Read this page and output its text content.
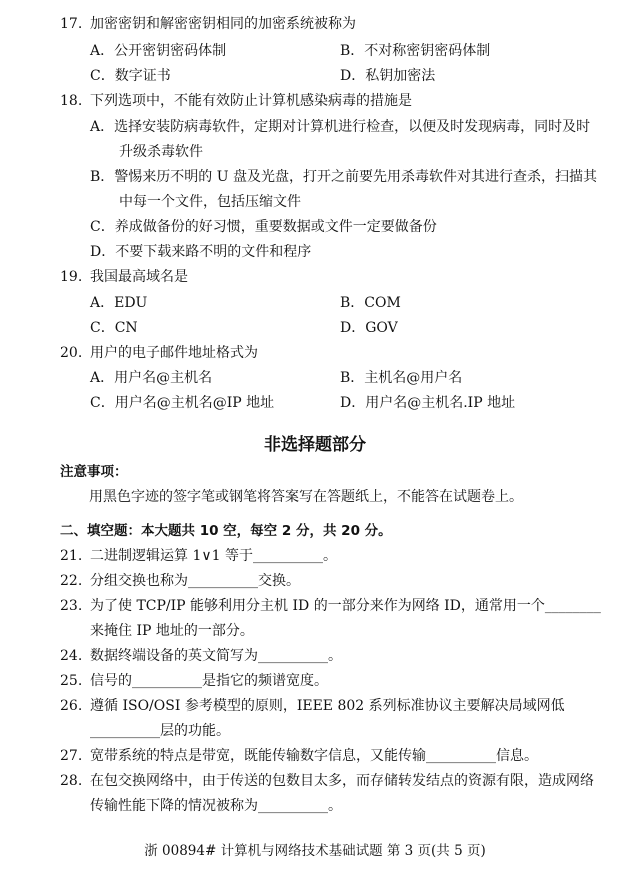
17. 加密密钥和解密密钥相同的加密系统被称为
A．公开密钥密码体制	B．不对称密钥密码体制
C．数字证书	D．私钥加密法
18. 下列选项中，不能有效防止计算机感染病毒的措施是
A．选择安装防病毒软件，定期对计算机进行检查，以便及时发现病毒，同时及时
升级杀毒软件
B．警惕来历不明的 U 盘及光盘，打开之前要先用杀毒软件对其进行查杀，扫描其
中每一个文件，包括压缩文件
C．养成做备份的好习惯，重要数据或文件一定要做备份
D．不要下载来路不明的文件和程序
19. 我国最高域名是
A．EDU	B．COM
C．CN	D．GOV
20. 用户的电子邮件地址格式为
A．用户名@主机名	B．主机名@用户名
C．用户名@主机名@IP 地址	D．用户名@主机名.IP 地址
非选择题部分
注意事项：
用黑色字迹的签字笔或钢笔将答案写在答题纸上，不能答在试题卷上。
二、填空题：本大题共 10 空，每空 2 分，共 20 分。
21. 二进制逻辑运算 1∨1 等于__________。
22. 分组交换也称为__________交换。
23. 为了使 TCP/IP 能够利用分主机 ID 的一部分来作为网络 ID，通常用一个________
来掩住 IP 地址的一部分。
24. 数据终端设备的英文简写为__________。
25. 信号的__________是指它的频谱宽度。
26. 遵循 ISO/OSI 参考模型的原则，IEEE 802 系列标准协议主要解决局域网低
__________层的功能。
27. 宽带系统的特点是带宽，既能传输数字信息，又能传输__________信息。
28. 在包交换网络中，由于传送的包数目太多，而存储转发结点的资源有限，造成网络
传输性能下降的情况被称为__________。
浙 00894# 计算机与网络技术基础试题 第 3 页(共 5 页)
